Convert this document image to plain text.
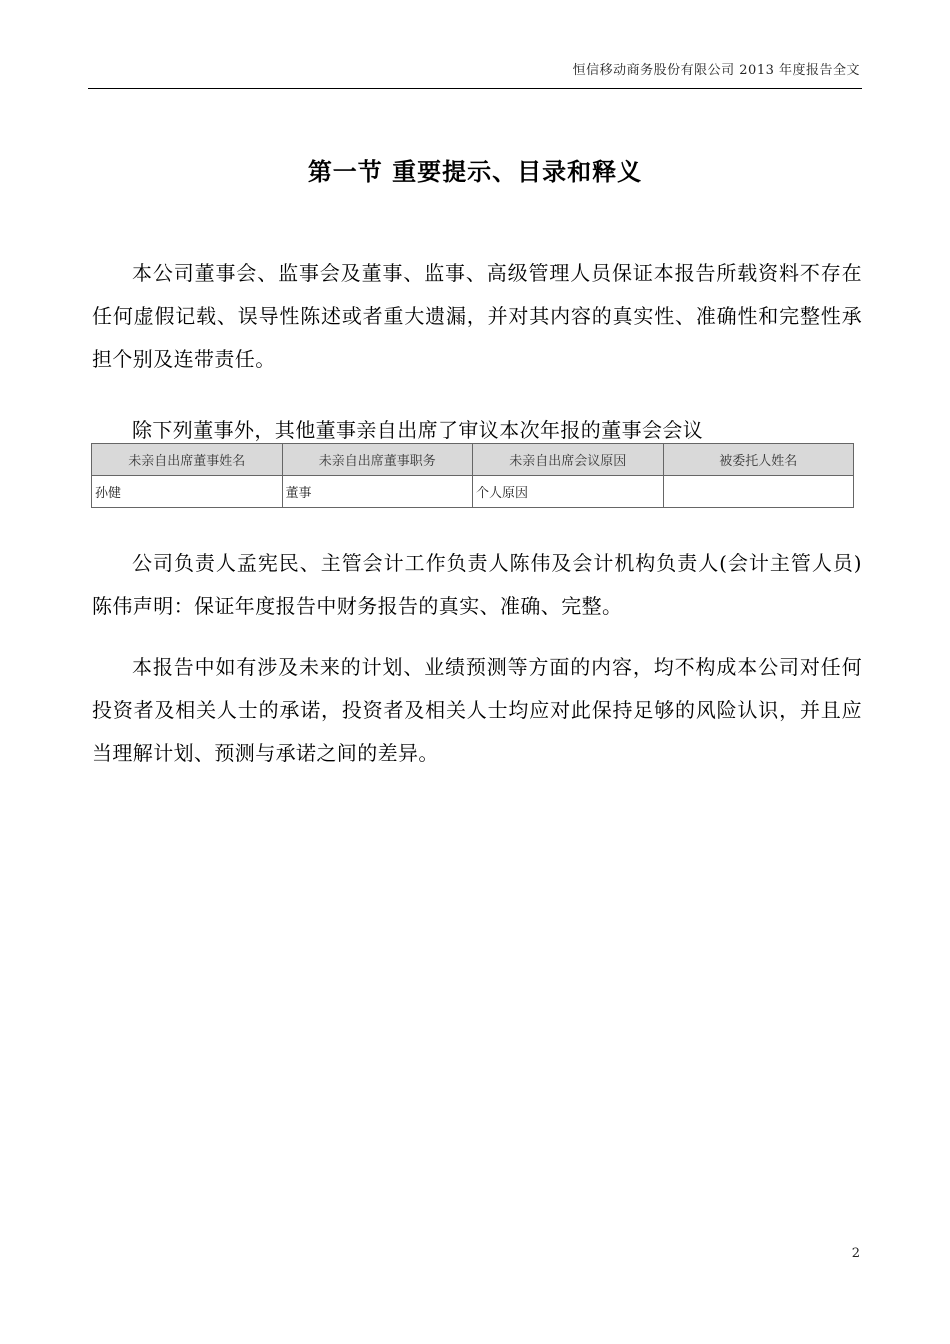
恒信移动商务股份有限公司 2013 年度报告全文
第一节 重要提示、目录和释义

本公司董事会、监事会及董事、监事、高级管理人员保证本报告所载资料不存在任何虚假记载、误导性陈述或者重大遗漏，并对其内容的真实性、准确性和完整性承担个别及连带责任。

除下列董事外，其他董事亲自出席了审议本次年报的董事会会议

未亲自出席董事姓名	未亲自出席董事职务	未亲自出席会议原因	被委托人姓名
孙健	董事	个人原因	

公司负责人孟宪民、主管会计工作负责人陈伟及会计机构负责人(会计主管人员)陈伟声明：保证年度报告中财务报告的真实、准确、完整。

本报告中如有涉及未来的计划、业绩预测等方面的内容，均不构成本公司对任何投资者及相关人士的承诺，投资者及相关人士均应对此保持足够的风险认识，并且应当理解计划、预测与承诺之间的差异。

2
